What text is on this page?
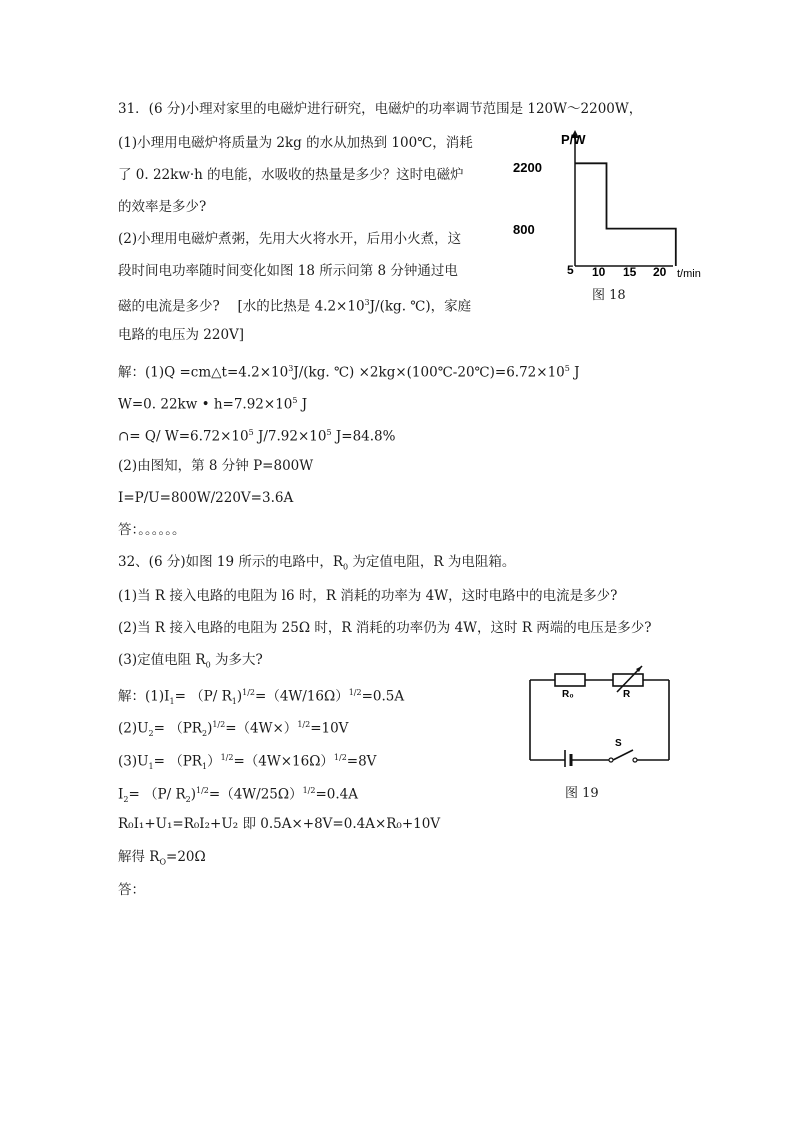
31．(6 分)小理对家里的电磁炉进行研究，电磁炉的功率调节范围是 120W～2200W，
(1)小理用电磁炉将质量为 2kg 的水从加热到 100℃，消耗
了 0. 22kw·h 的电能，水吸收的热量是多少？这时电磁炉
的效率是多少?
(2)小理用电磁炉煮粥，先用大火将水开，后用小火煮，这
段时间电功率随时间变化如图 18 所示问第 8 分钟通过电
磁的电流是多少?　 [水的比热是 $4.2\times 10^3J/(kg$. ℃)，家庭
电路的电压为 220V]
解：$(1)Q =cm\triangle t=4.2\times 10^3J/(kg$. ℃) $\times 2kg\times(100℃-20℃)=6.72\times 10^5$ J
W=0. 22kw • $h=7.92\times 10^5$ J
∩= Q/ $W=6.72\times 10^5$ $J/7.92\times 10^5$ J=84.8%
(2)由图知，第 8 分钟 P=800W
I=P/U=800W/220V=3.6A
答：。。。。。。
P/W
2200
800
5 10 15 20 t/min
图 18
32、(6 分)如图 19 所示的电路中，$R_0$ 为定值电阻，R 为电阻箱。
(1)当 R 接入电路的电阻为 l6 时，R 消耗的功率为 4W，这时电路中的电流是多少?
(2)当 R 接入电路的电阻为 25Ω 时，R 消耗的功率仍为 4W，这时 R 两端的电压是多少?
(3)定值电阻 $R_0$ 为多大?
解：$(1)I_1= (P/$ $R_1)^{1/2}=(4W/16\Omega)^{1/2}=0.5A$
$(2)U_2= (PR_2)^{1/2}=(4W\times)^{1/2}=10V$
$(3)U_1= (PR_1)^{1/2}=(4W\times 16\Omega)^{1/2}=8V$
$I_2= (P/$ $R_2)^{1/2}=(4W/25\Omega)^{1/2}=0.4A$
R₀I₁+U₁=R₀I₂+U₂ 即 0.5A×+8V=0.4A×R₀+10V
解得 $R_O=20\Omega$
答：
R₀	R
S
图 19
